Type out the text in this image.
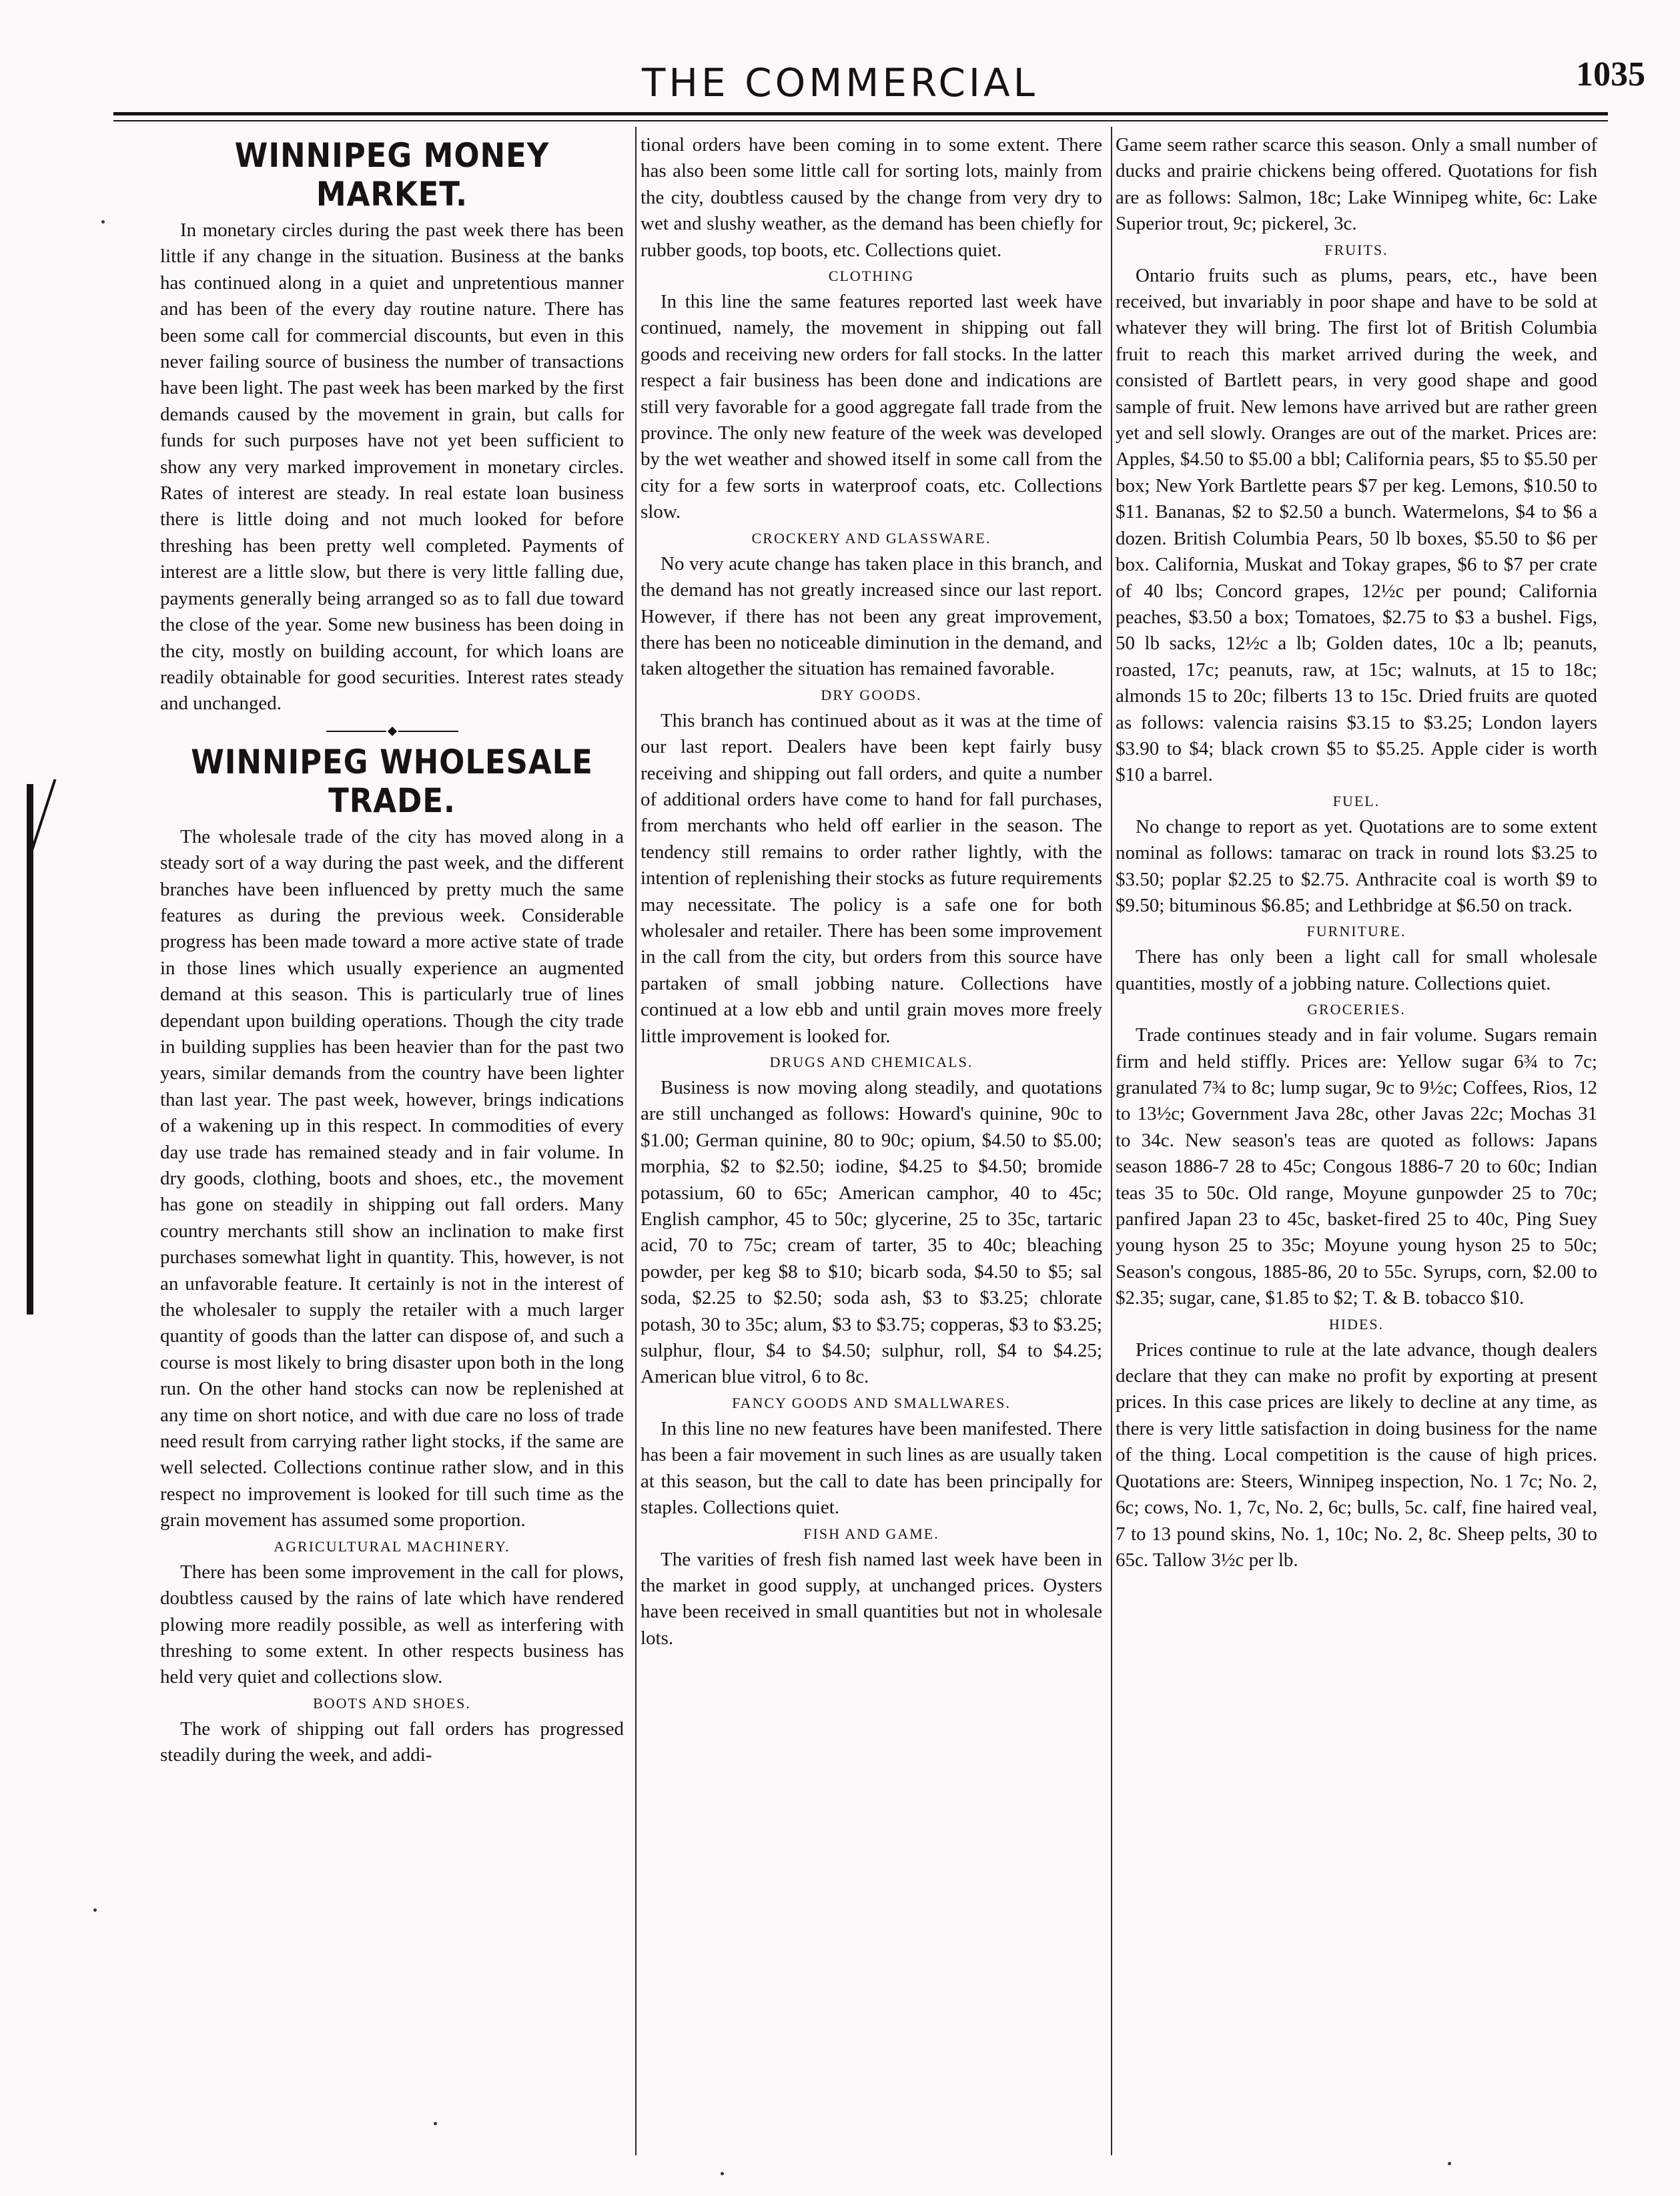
THE COMMERCIAL	1035
WINNIPEG MONEY MARKET.

In monetary circles during the past week there has been little if any change in the situation. Business at the banks has continued along in a quiet and unpretentious manner and has been of the every day routine nature. There has been some call for commercial discounts, but even in this never failing source of business the number of transactions have been light. The past week has been marked by the first demands caused by the movement in grain, but calls for funds for such purposes have not yet been sufficient to show any very marked improvement in monetary circles. Rates of interest are steady. In real estate loan business there is little doing and not much looked for before threshing has been pretty well completed. Payments of interest are a little slow, but there is very little falling due, payments generally being arranged so as to fall due toward the close of the year. Some new business has been doing in the city, mostly on building account, for which loans are readily obtainable for good securities. Interest rates steady and unchanged.

WINNIPEG WHOLESALE TRADE.

The wholesale trade of the city has moved along in a steady sort of a way during the past week, and the different branches have been influenced by pretty much the same features as during the previous week. Considerable progress has been made toward a more active state of trade in those lines which usually experience an augmented demand at this season. This is particularly true of lines dependant upon building operations. Though the city trade in building supplies has been heavier than for the past two years, similar demands from the country have been lighter than last year. The past week, however, brings indications of a wakening up in this respect. In commodities of every day use trade has remained steady and in fair volume. In dry goods, clothing, boots and shoes, etc., the movement has gone on steadily in shipping out fall orders. Many country merchants still show an inclination to make first purchases somewhat light in quantity. This, however, is not an unfavorable feature. It certainly is not in the interest of the wholesaler to supply the retailer with a much larger quantity of goods than the latter can dispose of, and such a course is most likely to bring disaster upon both in the long run. On the other hand stocks can now be replenished at any time on short notice, and with due care no loss of trade need result from carrying rather light stocks, if the same are well selected. Collections continue rather slow, and in this respect no improvement is looked for till such time as the grain movement has assumed some proportion.

AGRICULTURAL MACHINERY.

There has been some improvement in the call for plows, doubtless caused by the rains of late which have rendered plowing more readily possible, as well as interfering with threshing to some extent. In other respects business has held very quiet and collections slow.

BOOTS AND SHOES.

The work of shipping out fall orders has progressed steadily during the week, and addi-

tional orders have been coming in to some extent. There has also been some little call for sorting lots, mainly from the city, doubtless caused by the change from very dry to wet and slushy weather, as the demand has been chiefly for rubber goods, top boots, etc. Collections quiet.

CLOTHING

In this line the same features reported last week have continued, namely, the movement in shipping out fall goods and receiving new orders for fall stocks. In the latter respect a fair business has been done and indications are still very favorable for a good aggregate fall trade from the province. The only new feature of the week was developed by the wet weather and showed itself in some call from the city for a few sorts in waterproof coats, etc. Collections slow.

CROCKERY AND GLASSWARE.

No very acute change has taken place in this branch, and the demand has not greatly increased since our last report. However, if there has not been any great improvement, there has been no noticeable diminution in the demand, and taken altogether the situation has remained favorable.

DRY GOODS.

This branch has continued about as it was at the time of our last report. Dealers have been kept fairly busy receiving and shipping out fall orders, and quite a number of additional orders have come to hand for fall purchases, from merchants who held off earlier in the season. The tendency still remains to order rather lightly, with the intention of replenishing their stocks as future requirements may necessitate. The policy is a safe one for both wholesaler and retailer. There has been some improvement in the call from the city, but orders from this source have partaken of small jobbing nature. Collections have continued at a low ebb and until grain moves more freely little improvement is looked for.

DRUGS AND CHEMICALS.

Business is now moving along steadily, and quotations are still unchanged as follows: Howard's quinine, 90c to $1.00; German quinine, 80 to 90c; opium, $4.50 to $5.00; morphia, $2 to $2.50; iodine, $4.25 to $4.50; bromide potassium, 60 to 65c; American camphor, 40 to 45c; English camphor, 45 to 50c; glycerine, 25 to 35c, tartaric acid, 70 to 75c; cream of tarter, 35 to 40c; bleaching powder, per keg $8 to $10; bicarb soda, $4.50 to $5; sal soda, $2.25 to $2.50; soda ash, $3 to $3.25; chlorate potash, 30 to 35c; alum, $3 to $3.75; copperas, $3 to $3.25; sulphur, flour, $4 to $4.50; sulphur, roll, $4 to $4.25; American blue vitrol, 6 to 8c.

FANCY GOODS AND SMALLWARES.

In this line no new features have been manifested. There has been a fair movement in such lines as are usually taken at this season, but the call to date has been principally for staples. Collections quiet.

FISH AND GAME.

The varities of fresh fish named last week have been in the market in good supply, at unchanged prices. Oysters have been received in small quantities but not in wholesale lots.

Game seem rather scarce this season. Only a small number of ducks and prairie chickens being offered. Quotations for fish are as follows: Salmon, 18c; Lake Winnipeg white, 6c: Lake Superior trout, 9c; pickerel, 3c.

FRUITS.

Ontario fruits such as plums, pears, etc., have been received, but invariably in poor shape and have to be sold at whatever they will bring. The first lot of British Columbia fruit to reach this market arrived during the week, and consisted of Bartlett pears, in very good shape and good sample of fruit. New lemons have arrived but are rather green yet and sell slowly. Oranges are out of the market. Prices are: Apples, $4.50 to $5.00 a bbl; California pears, $5 to $5.50 per box; New York Bartlette pears $7 per keg. Lemons, $10.50 to $11. Bananas, $2 to $2.50 a bunch. Watermelons, $4 to $6 a dozen. British Columbia Pears, 50 lb boxes, $5.50 to $6 per box. California, Muskat and Tokay grapes, $6 to $7 per crate of 40 lbs; Concord grapes, 12½c per pound; California peaches, $3.50 a box; Tomatoes, $2.75 to $3 a bushel. Figs, 50 lb sacks, 12½c a lb; Golden dates, 10c a lb; peanuts, roasted, 17c; peanuts, raw, at 15c; walnuts, at 15 to 18c; almonds 15 to 20c; filberts 13 to 15c. Dried fruits are quoted as follows: valencia raisins $3.15 to $3.25; London layers $3.90 to $4; black crown $5 to $5.25. Apple cider is worth $10 a barrel.

FUEL.

No change to report as yet. Quotations are to some extent nominal as follows: tamarac on track in round lots $3.25 to $3.50; poplar $2.25 to $2.75. Anthracite coal is worth $9 to $9.50; bituminous $6.85; and Lethbridge at $6.50 on track.

FURNITURE.

There has only been a light call for small wholesale quantities, mostly of a jobbing nature. Collections quiet.

GROCERIES.

Trade continues steady and in fair volume. Sugars remain firm and held stiffly. Prices are: Yellow sugar 6¾ to 7c; granulated 7¾ to 8c; lump sugar, 9c to 9½c; Coffees, Rios, 12 to 13½c; Government Java 28c, other Javas 22c; Mochas 31 to 34c. New season's teas are quoted as follows: Japans season 1886-7 28 to 45c; Congous 1886-7 20 to 60c; Indian teas 35 to 50c. Old range, Moyune gunpowder 25 to 70c; panfired Japan 23 to 45c, basket-fired 25 to 40c, Ping Suey young hyson 25 to 35c; Moyune young hyson 25 to 50c; Season's congous, 1885-86, 20 to 55c. Syrups, corn, $2.00 to $2.35; sugar, cane, $1.85 to $2; T. & B. tobacco $10.

HIDES.

Prices continue to rule at the late advance, though dealers declare that they can make no profit by exporting at present prices. In this case prices are likely to decline at any time, as there is very little satisfaction in doing business for the name of the thing. Local competition is the cause of high prices. Quotations are: Steers, Winnipeg inspection, No. 1 7c; No. 2, 6c; cows, No. 1, 7c, No. 2, 6c; bulls, 5c. calf, fine haired veal, 7 to 13 pound skins, No. 1, 10c; No. 2, 8c. Sheep pelts, 30 to 65c. Tallow 3½c per lb.
